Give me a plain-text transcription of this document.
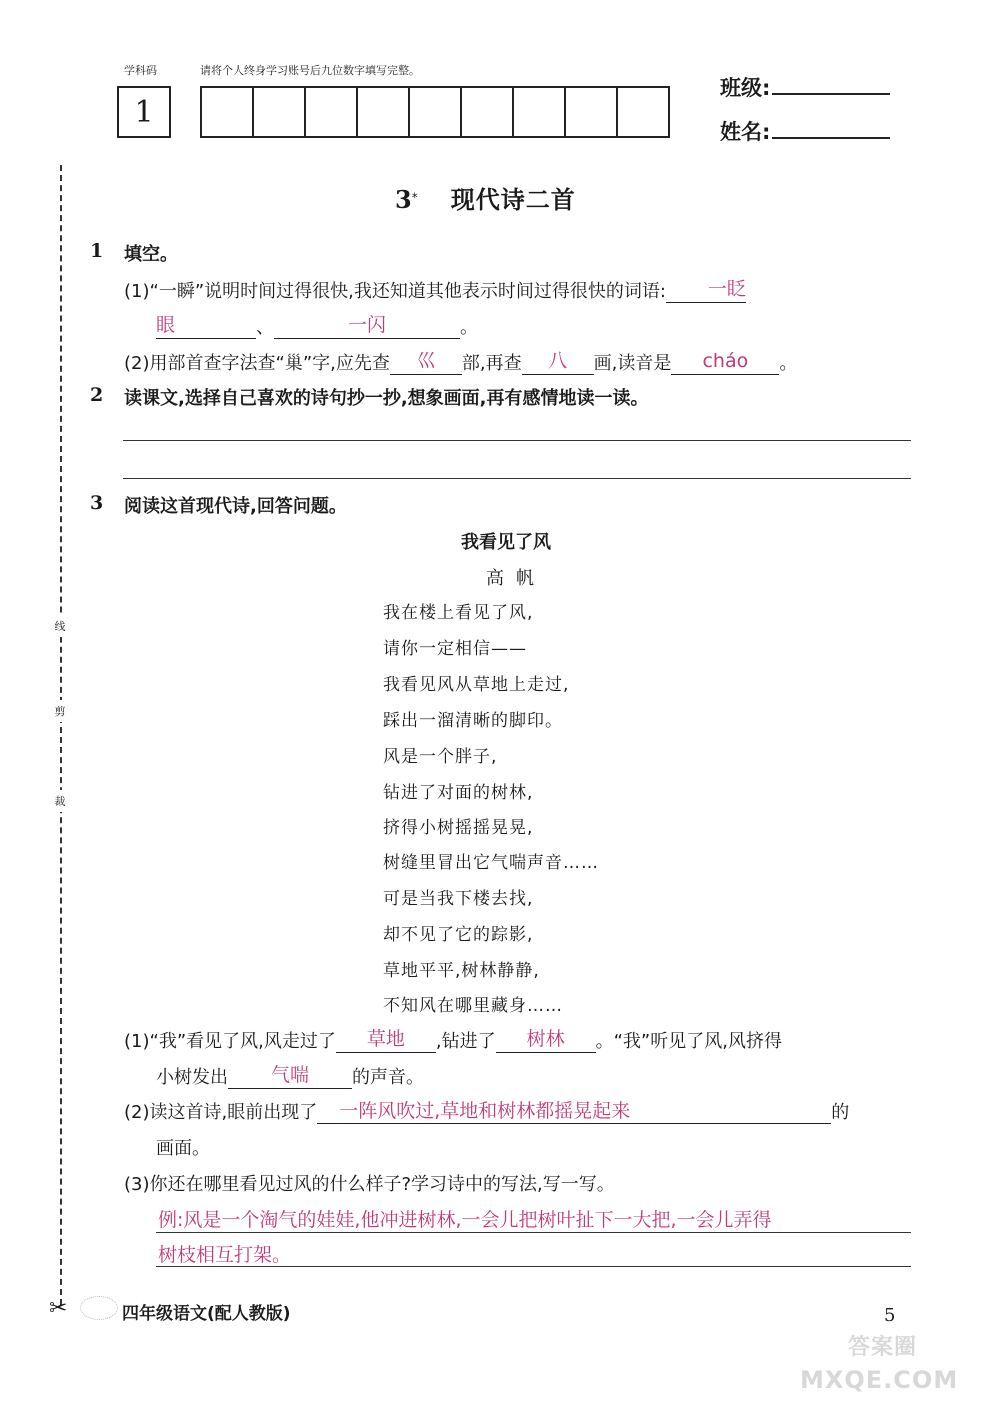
学科码	请将个人终身学习账号后九位数字填写完整。
1
班级:
姓名:
线
剪
裁
✂
3* 现代诗二首
1 填空。
(1)“一瞬”说明时间过得很快,我还知道其他表示时间过得很快的词语: 一眨
眼	、	一闪	。
(2)用部首查字法查“巢”字,应先查 巛 部,再查 八 画,读音是 cháo 。
2 读课文,选择自己喜欢的诗句抄一抄,想象画面,再有感情地读一读。
3 阅读这首现代诗,回答问题。
我看见了风
高帆
我在楼上看见了风,
请你一定相信——
我看见风从草地上走过,
踩出一溜清晰的脚印。
风是一个胖子,
钻进了对面的树林,
挤得小树摇摇晃晃,
树缝里冒出它气喘声音……
可是当我下楼去找,
却不见了它的踪影,
草地平平,树林静静,
不知风在哪里藏身……
(1)“我”看见了风,风走过了 草地 ,钻进了 树林 。“我”听见了风,风挤得
小树发出 气喘 的声音。
(2)读这首诗,眼前出现了 一阵风吹过,草地和树林都摇晃起来	的
画面。
(3)你还在哪里看见过风的什么样子?学习诗中的写法,写一写。
例:风是一个淘气的娃娃,他冲进树林,一会儿把树叶扯下一大把,一会儿弄得
树枝相互打架。
四年级语文(配人教版)	5
答案圈
MXQE.COM
